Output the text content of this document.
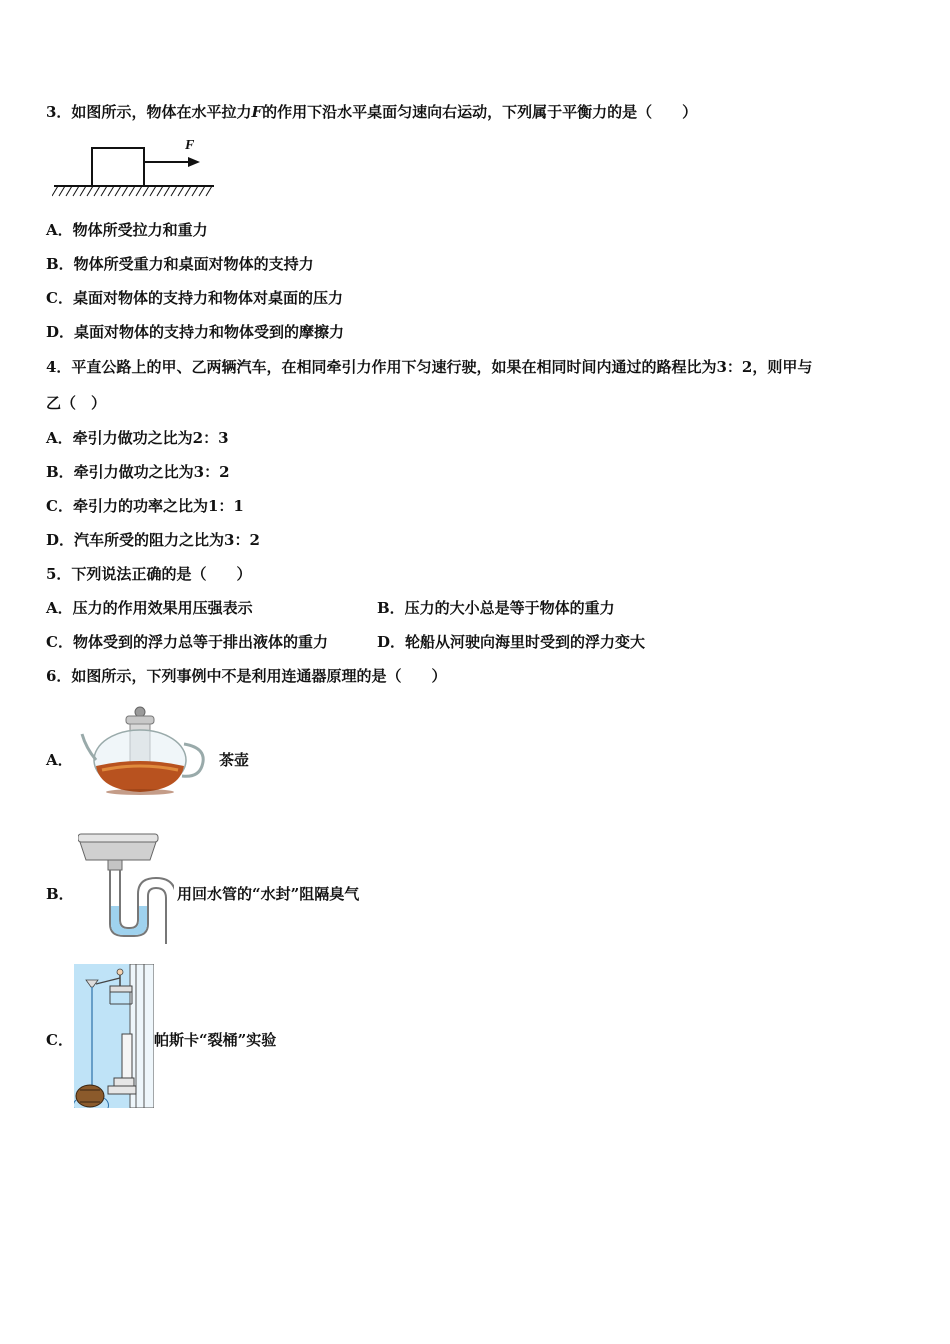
3．如图所示，物体在水平拉力F的作用下沿水平桌面匀速向右运动，下列属于平衡力的是（　　）
F
A．物体所受拉力和重力
B．物体所受重力和桌面对物体的支持力
C．桌面对物体的支持力和物体对桌面的压力
D．桌面对物体的支持力和物体受到的摩擦力
4．平直公路上的甲、乙两辆汽车，在相同牵引力作用下匀速行驶，如果在相同时间内通过的路程比为3：2，则甲与
乙（　）
A．牵引力做功之比为2：3
B．牵引力做功之比为3：2
C．牵引力的功率之比为1：1
D．汽车所受的阻力之比为3：2
5．下列说法正确的是（　　）
A．压力的作用效果用压强表示	B．压力的大小总是等于物体的重力
C．物体受到的浮力总等于排出液体的重力	D．轮船从河驶向海里时受到的浮力变大
6．如图所示，下列事例中不是利用连通器原理的是（　　）
A．	茶壶
B．	用回水管的“水封”阻隔臭气
C．	帕斯卡“裂桶”实验
